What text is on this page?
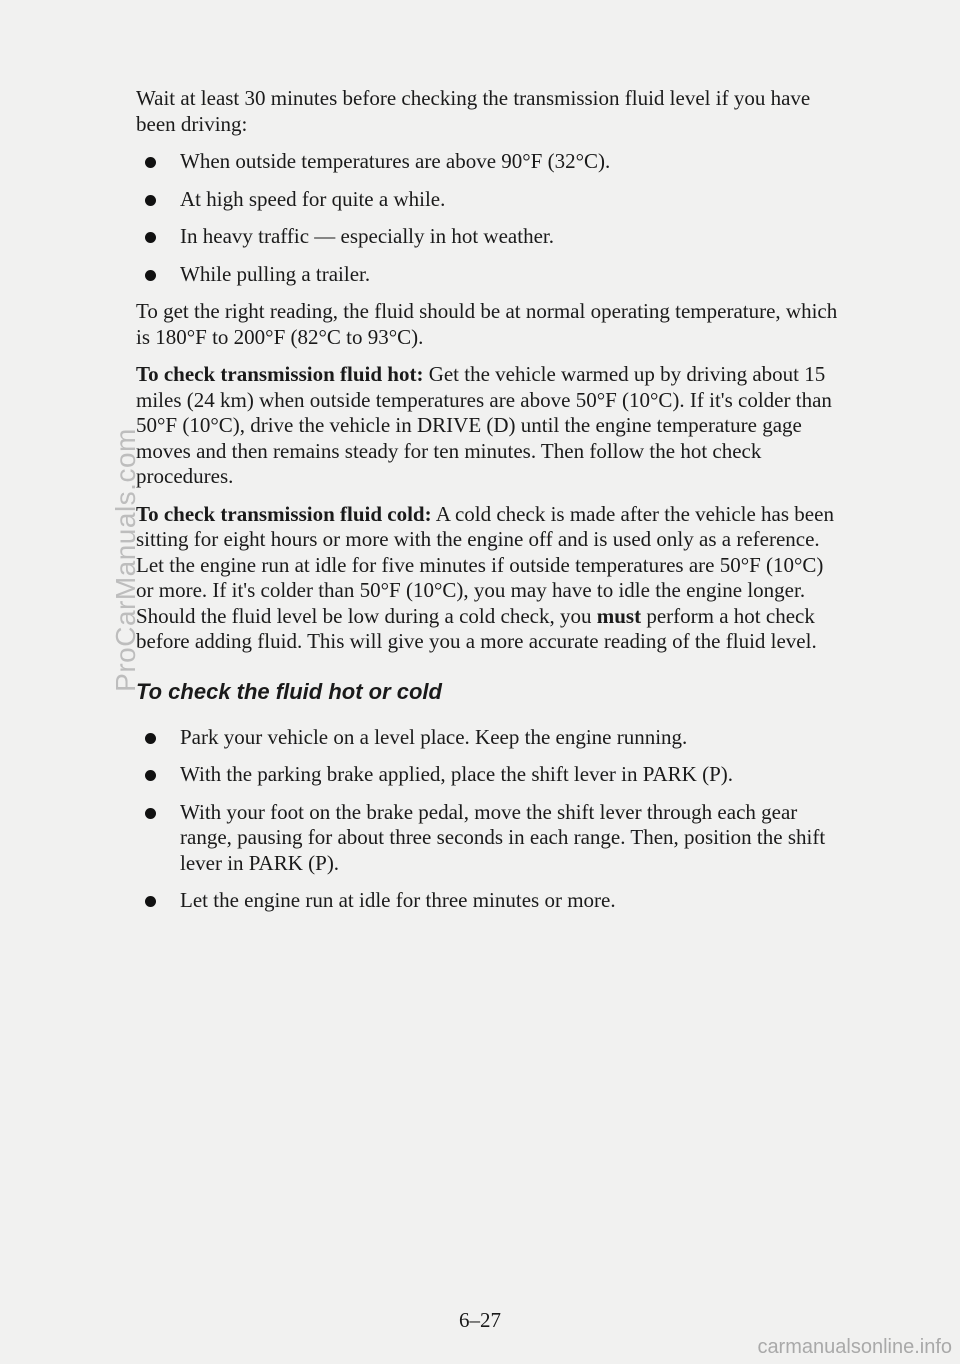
ProCarManuals.com

Wait at least 30 minutes before checking the transmission fluid level if you have been driving:

When outside temperatures are above 90°F (32°C).
At high speed for quite a while.
In heavy traffic — especially in hot weather.
While pulling a trailer.

To get the right reading, the fluid should be at normal operating temperature, which is 180°F to 200°F (82°C to 93°C).

To check transmission fluid hot: Get the vehicle warmed up by driving about 15 miles (24 km) when outside temperatures are above 50°F (10°C). If it's colder than 50°F (10°C), drive the vehicle in DRIVE (D) until the engine temperature gage moves and then remains steady for ten minutes. Then follow the hot check procedures.

To check transmission fluid cold: A cold check is made after the vehicle has been sitting for eight hours or more with the engine off and is used only as a reference. Let the engine run at idle for five minutes if outside temperatures are 50°F (10°C) or more. If it's colder than 50°F (10°C), you may have to idle the engine longer. Should the fluid level be low during a cold check, you must perform a hot check before adding fluid. This will give you a more accurate reading of the fluid level.

To check the fluid hot or cold
Park your vehicle on a level place. Keep the engine running.
With the parking brake applied, place the shift lever in PARK (P).
With your foot on the brake pedal, move the shift lever through each gear range, pausing for about three seconds in each range. Then, position the shift lever in PARK (P).
Let the engine run at idle for three minutes or more.
6–27
carmanualsonline.info
